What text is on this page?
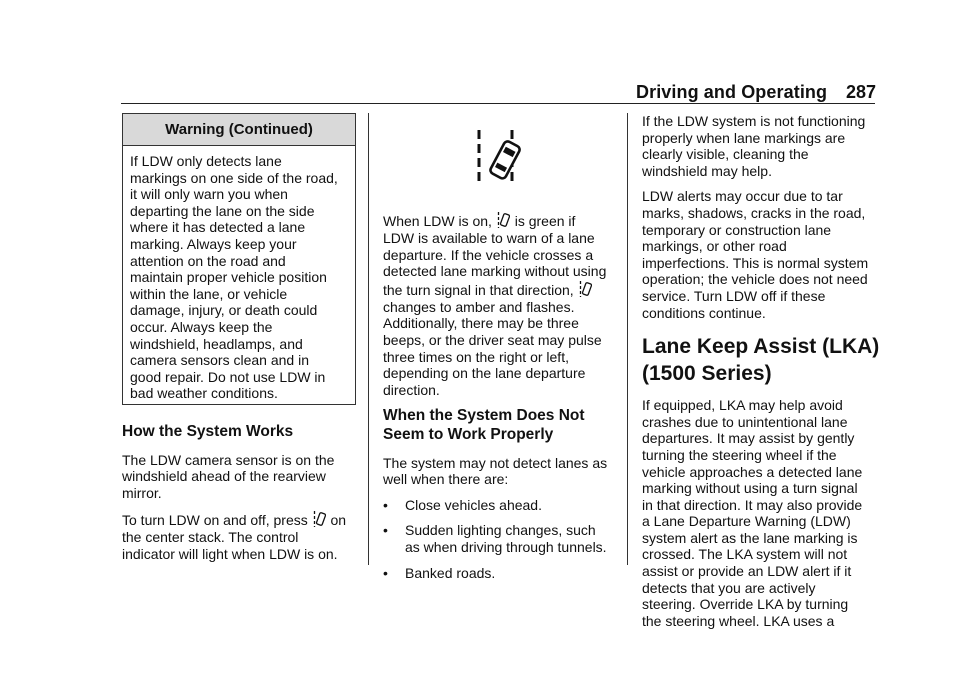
Driving and Operating 287
Warning (Continued)
If LDW only detects lane
markings on one side of the road,
it will only warn you when
departing the lane on the side
where it has detected a lane
marking. Always keep your
attention on the road and
maintain proper vehicle position
within the lane, or vehicle
damage, injury, or death could
occur. Always keep the
windshield, headlamps, and
camera sensors clean and in
good repair. Do not use LDW in
bad weather conditions.
How the System Works

The LDW camera sensor is on the
windshield ahead of the rearview
mirror.

To turn LDW on and off, press on
the center stack. The control
indicator will light when LDW is on.

When LDW is on, is green if
LDW is available to warn of a lane
departure. If the vehicle crosses a
detected lane marking without using
the turn signal in that direction,

changes to amber and flashes.
Additionally, there may be three
beeps, or the driver seat may pulse
three times on the right or left,
depending on the lane departure
direction.

When the System Does Not
Seem to Work Properly

The system may not detect lanes as
well when there are:

•	Close vehicles ahead.
•	Sudden lighting changes, such
as when driving through tunnels.
•	Banked roads.

If the LDW system is not functioning
properly when lane markings are
clearly visible, cleaning the
windshield may help.

LDW alerts may occur due to tar
marks, shadows, cracks in the road,
temporary or construction lane
markings, or other road
imperfections. This is normal system
operation; the vehicle does not need
service. Turn LDW off if these
conditions continue.

Lane Keep Assist (LKA)
(1500 Series)

If equipped, LKA may help avoid
crashes due to unintentional lane
departures. It may assist by gently
turning the steering wheel if the
vehicle approaches a detected lane
marking without using a turn signal
in that direction. It may also provide
a Lane Departure Warning (LDW)
system alert as the lane marking is
crossed. The LKA system will not
assist or provide an LDW alert if it
detects that you are actively
steering. Override LKA by turning
the steering wheel. LKA uses a
